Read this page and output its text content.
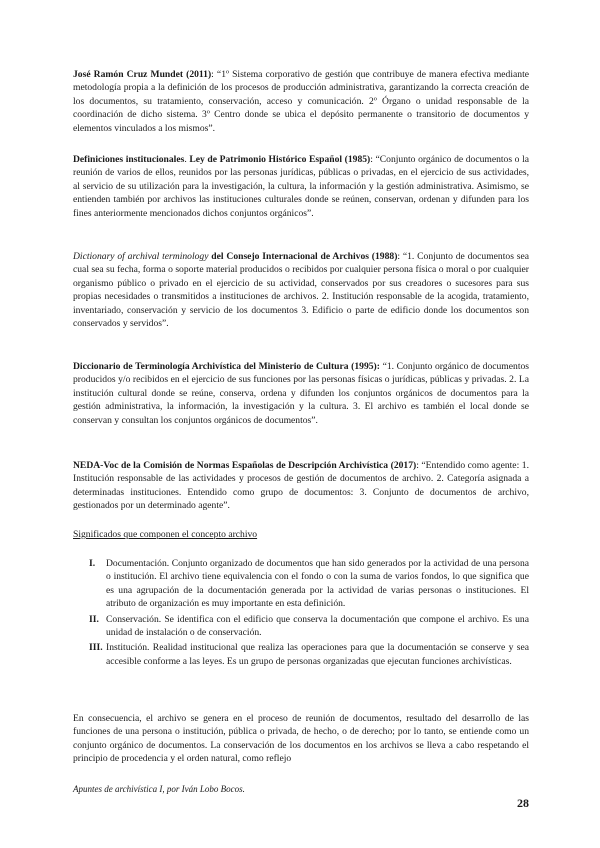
José Ramón Cruz Mundet (2011): “1º Sistema corporativo de gestión que contribuye de manera efectiva mediante metodología propia a la definición de los procesos de producción administrativa, garantizando la correcta creación de los documentos, su tratamiento, conservación, acceso y comunicación. 2º Órgano o unidad responsable de la coordinación de dicho sistema. 3º Centro donde se ubica el depósito permanente o transitorio de documentos y elementos vinculados a los mismos”.

Definiciones institucionales. Ley de Patrimonio Histórico Español (1985): “Conjunto orgánico de documentos o la reunión de varios de ellos, reunidos por las personas jurídicas, públicas o privadas, en el ejercicio de sus actividades, al servicio de su utilización para la investigación, la cultura, la información y la gestión administrativa. Asimismo, se entienden también por archivos las instituciones culturales donde se reúnen, conservan, ordenan y difunden para los fines anteriormente mencionados dichos conjuntos orgánicos”.

Dictionary of archival terminology del Consejo Internacional de Archivos (1988): “1. Conjunto de documentos sea cual sea su fecha, forma o soporte material producidos o recibidos por cualquier persona física o moral o por cualquier organismo público o privado en el ejercicio de su actividad, conservados por sus creadores o sucesores para sus propias necesidades o transmitidos a instituciones de archivos. 2. Institución responsable de la acogida, tratamiento, inventariado, conservación y servicio de los documentos 3. Edificio o parte de edificio donde los documentos son conservados y servidos”.

Diccionario de Terminología Archivística del Ministerio de Cultura (1995): “1. Conjunto orgánico de documentos producidos y/o recibidos en el ejercicio de sus funciones por las personas físicas o jurídicas, públicas y privadas. 2. La institución cultural donde se reúne, conserva, ordena y difunden los conjuntos orgánicos de documentos para la gestión administrativa, la información, la investigación y la cultura. 3. El archivo es también el local donde se conservan y consultan los conjuntos orgánicos de documentos”.

NEDA-Voc de la Comisión de Normas Españolas de Descripción Archivística (2017): “Entendido como agente: 1. Institución responsable de las actividades y procesos de gestión de documentos de archivo. 2. Categoría asignada a determinadas instituciones. Entendido como grupo de documentos: 3. Conjunto de documentos de archivo, gestionados por un determinado agente”.

Significados que componen el concepto archivo

I. Documentación. Conjunto organizado de documentos que han sido generados por la actividad de una persona o institución. El archivo tiene equivalencia con el fondo o con la suma de varios fondos, lo que significa que es una agrupación de la documentación generada por la actividad de varias personas o instituciones. El atributo de organización es muy importante en esta definición.
II. Conservación. Se identifica con el edificio que conserva la documentación que compone el archivo. Es una unidad de instalación o de conservación.
III. Institución. Realidad institucional que realiza las operaciones para que la documentación se conserve y sea accesible conforme a las leyes. Es un grupo de personas organizadas que ejecutan funciones archivísticas.

En consecuencia, el archivo se genera en el proceso de reunión de documentos, resultado del desarrollo de las funciones de una persona o institución, pública o privada, de hecho, o de derecho; por lo tanto, se entiende como un conjunto orgánico de documentos. La conservación de los documentos en los archivos se lleva a cabo respetando el principio de procedencia y el orden natural, como reflejo

Apuntes de archivística I, por Iván Lobo Bocos.
28
